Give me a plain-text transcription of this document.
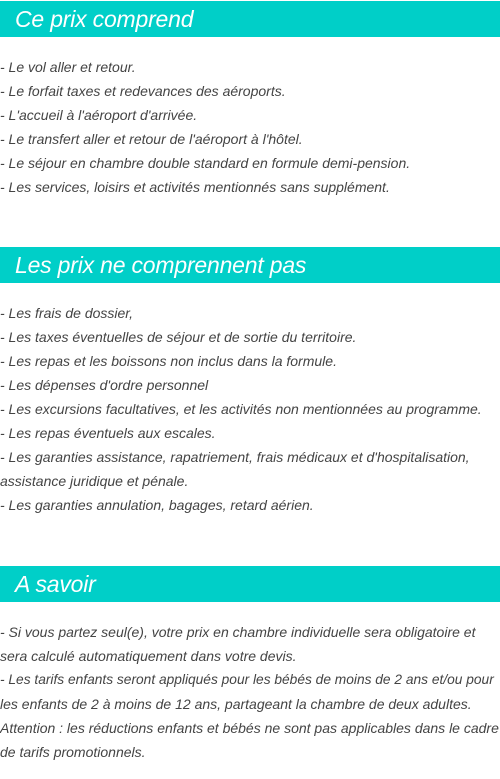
Ce prix comprend
- Le vol aller et retour.
- Le forfait taxes et redevances des aéroports.
- L'accueil à l'aéroport d'arrivée.
- Le transfert aller et retour de l'aéroport à l'hôtel.
- Le séjour en chambre double standard en formule demi-pension.
- Les services, loisirs et activités mentionnés sans supplément.
Les prix ne comprennent pas
- Les frais de dossier,
- Les taxes éventuelles de séjour et de sortie du territoire.
- Les repas et les boissons non inclus dans la formule.
- Les dépenses d'ordre personnel
- Les excursions facultatives, et les activités non mentionnées au programme.
- Les repas éventuels aux escales.
- Les garanties assistance, rapatriement, frais médicaux et d'hospitalisation,
assistance juridique et pénale.
- Les garanties annulation, bagages, retard aérien.
A savoir
- Si vous partez seul(e), votre prix en chambre individuelle sera obligatoire et
sera calculé automatiquement dans votre devis.
- Les tarifs enfants seront appliqués pour les bébés de moins de 2 ans et/ou pour
les enfants de 2 à moins de 12 ans, partageant la chambre de deux adultes.
Attention : les réductions enfants et bébés ne sont pas applicables dans le cadre
de tarifs promotionnels.
